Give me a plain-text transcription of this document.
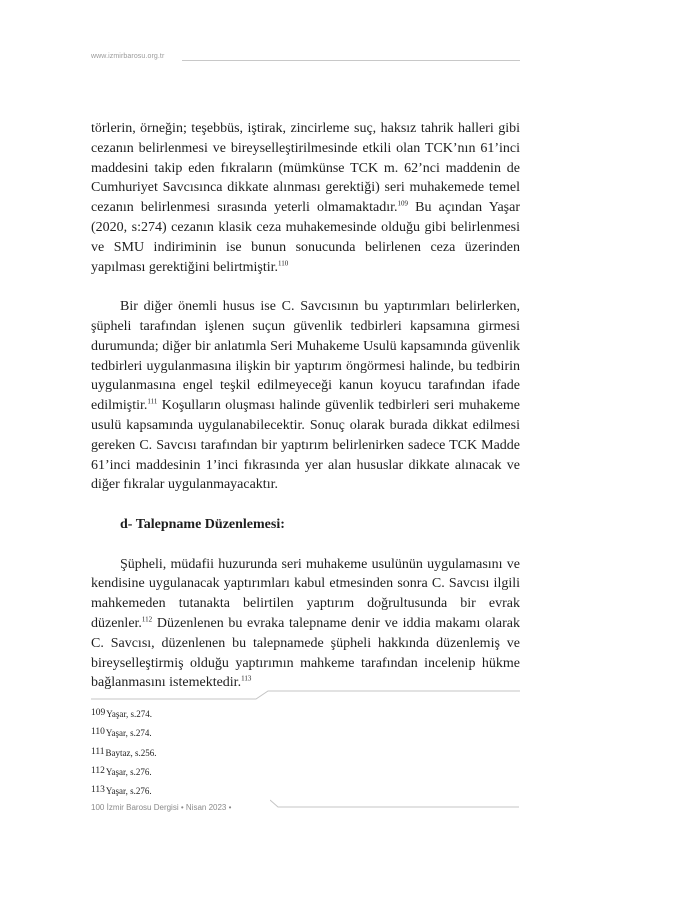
www.izmirbarosu.org.tr

törlerin, örneğin; teşebbüs, iştirak, zincirleme suç, haksız tahrik halleri gibi cezanın belirlenmesi ve bireyselleştirilmesinde etkili olan TCK’nın 61’inci maddesini takip eden fıkraların (mümkünse TCK m. 62’nci maddenin de Cumhuriyet Savcısınca dikkate alınması gerektiği) seri muhakemede temel cezanın belirlenmesi sırasında yeterli olmamaktadır.$^{109}$ Bu açından Yaşar (2020, s:274) cezanın klasik ceza muhakemesinde olduğu gibi belirlenmesi ve SMU indiriminin ise bunun sonucunda belirlenen ceza üzerinden yapılması gerektiğini belirtmiştir.$^{110}$

Bir diğer önemli husus ise C. Savcısının bu yaptırımları belirlerken, şüpheli tarafından işlenen suçun güvenlik tedbirleri kapsamına girmesi durumunda; diğer bir anlatımla Seri Muhakeme Usulü kapsamında güvenlik tedbirleri uygulanmasına ilişkin bir yaptırım öngörmesi halinde, bu tedbirin uygulanmasına engel teşkil edilmeyeceği kanun koyucu tarafından ifade edilmiştir.$^{111}$ Koşulların oluşması halinde güvenlik tedbirleri seri muhakeme usulü kapsamında uygulanabilecektir. Sonuç olarak burada dikkat edilmesi gereken C. Savcısı tarafından bir yaptırım belirlenirken sadece TCK Madde 61’inci maddesinin 1’inci fıkrasında yer alan hususlar dikkate alınacak ve diğer fıkralar uygulanmayacaktır.

d- Talepname Düzenlemesi:

Şüpheli, müdafii huzurunda seri muhakeme usulünün uygulamasını ve kendisine uygulanacak yaptırımları kabul etmesinden sonra C. Savcısı ilgili mahkemeden tutanakta belirtilen yaptırım doğrultusunda bir evrak düzenler.$^{112}$ Düzenlenen bu evraka talepname denir ve iddia makamı olarak C. Savcısı, düzenlenen bu talepnamede şüpheli hakkında düzenlemiş ve bireyselleştirmiş olduğu yaptırımın mahkeme tarafından incelenip hükme bağlanmasını istemektedir.$^{113}$

109Yaşar, s.274.
110Yaşar, s.274.
111Baytaz, s.256.
112Yaşar, s.276.
113Yaşar, s.276.
100 İzmir Barosu Dergisi • Nisan 2023 •
